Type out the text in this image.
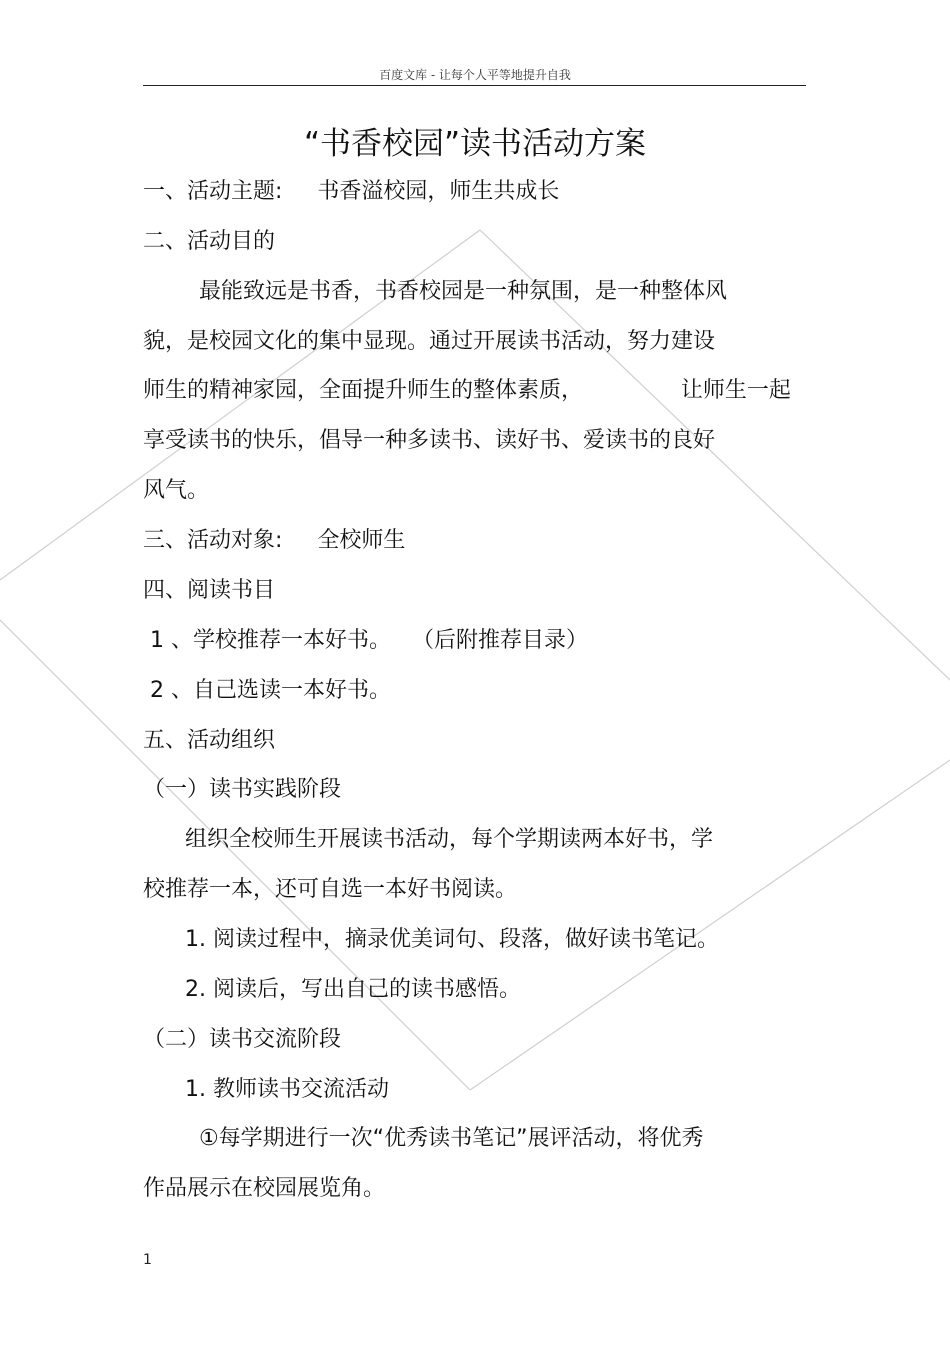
百度文库 - 让每个人平等地提升自我
“书香校园”读书活动方案
一、活动主题:     书香溢校园，师生共成长
二、活动目的
最能致远是书香，书香校园是一种氛围，是一种整体风
貌，是校园文化的集中显现。通过开展读书活动，努力建设
师生的精神家园，全面提升师生的整体素质，              让师生一起
享受读书的快乐，倡导一种多读书、读好书、爱读书的良好
风气。
三、活动对象:     全校师生
四、阅读书目
1 、学校推荐一本好书。   （后附推荐目录）
2 、自己选读一本好书。
五、活动组织
（一）读书实践阶段
组织全校师生开展读书活动，每个学期读两本好书，学
校推荐一本，还可自选一本好书阅读。
1. 阅读过程中，摘录优美词句、段落，做好读书笔记。
2. 阅读后，写出自己的读书感悟。
（二）读书交流阶段
1. 教师读书交流活动
①每学期进行一次“优秀读书笔记”展评活动，将优秀
作品展示在校园展览角。
1
